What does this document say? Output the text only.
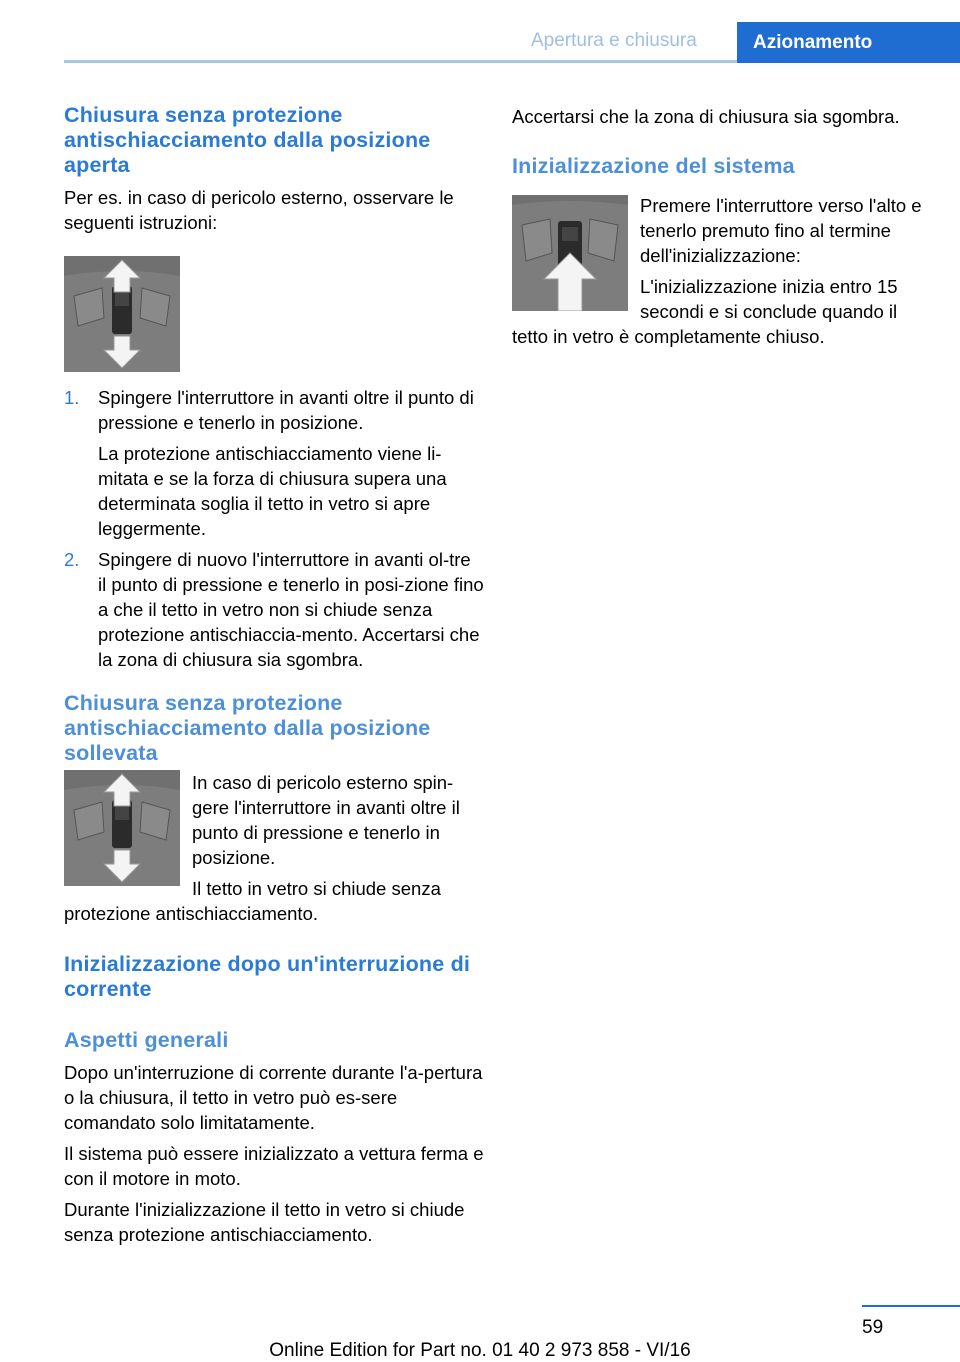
Apertura e chiusura	Azionamento
Chiusura senza protezione antischiacciamento dalla posizione aperta

Per es. in caso di pericolo esterno, osservare le seguenti istruzioni:

1. Spingere l'interruttore in avanti oltre il punto di pressione e tenerlo in posizione.
La protezione antischiacciamento viene li-mitata e se la forza di chiusura supera una determinata soglia il tetto in vetro si apre leggermente.
2. Spingere di nuovo l'interruttore in avanti ol-tre il punto di pressione e tenerlo in posi-zione fino a che il tetto in vetro non si chiude senza protezione antischiaccia-mento. Accertarsi che la zona di chiusura sia sgombra.
Chiusura senza protezione antischiacciamento dalla posizione sollevata

In caso di pericolo esterno spin-gere l'interruttore in avanti oltre il punto di pressione e tenerlo in posizione.

Il tetto in vetro si chiude senza protezione antischiacciamento.

Inizializzazione dopo un'interruzione di corrente
Aspetti generali

Dopo un'interruzione di corrente durante l'a-pertura o la chiusura, il tetto in vetro può es-sere comandato solo limitatamente.

Il sistema può essere inizializzato a vettura ferma e con il motore in moto.

Durante l'inizializzazione il tetto in vetro si chiude senza protezione antischiacciamento.

Accertarsi che la zona di chiusura sia sgombra.

Inizializzazione del sistema

Premere l'interruttore verso l'alto e tenerlo premuto fino al termine dell'inizializzazione:

L'inizializzazione inizia entro 15 secondi e si conclude quando il tetto in vetro è completamente chiuso.

59
Online Edition for Part no. 01 40 2 973 858 - VI/16
